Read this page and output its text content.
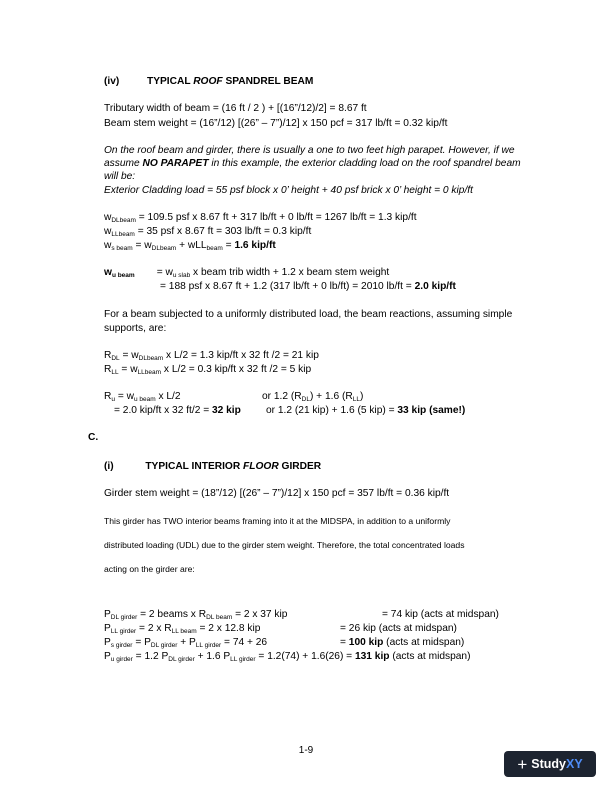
(iv)	TYPICAL ROOF SPANDREL BEAM
Tributary width of beam = (16 ft / 2 ) + [(16”/12)/2] = 8.67 ft
Beam stem weight = (16”/12) [(26” – 7”)/12] x 150 pcf = 317 lb/ft = 0.32 kip/ft
On the roof beam and girder, there is usually a one to two feet high parapet. However, if we
assume NO PARAPET in this example, the exterior cladding load on the roof spandrel beam
will be:
Exterior Cladding load = 55 psf block x 0’ height + 40 psf brick x 0’ height = 0 kip/ft
$w_{DLbeam} = 109.5$ psf x 8.67 ft + 317 lb/ft + 0 lb/ft = 1267 lb/ft = 1.3 kip/ft
$w_{LLbeam} = 35$ psf x 8.67 ft = 303 lb/ft = 0.3 kip/ft
$w_{s beam} = w_{DLbeam} + wLL_{beam} = 1.6$ kip/ft
$w_{u beam} = w_{u slab}$ x beam trib width + 1.2 x beam stem weight
= 188 psf x 8.67 ft + 1.2 (317 lb/ft + 0 lb/ft) = 2010 lb/ft = 2.0 kip/ft
For a beam subjected to a uniformly distributed load, the beam reactions, assuming simple
supports, are:
$R_{DL} = w_{DLbeam}$ x L/2 = 1.3 kip/ft x 32 ft /2 = 21 kip
$R_{LL} = w_{LLbeam}$ x L/2 = 0.3 kip/ft x 32 ft /2 = 5 kip
$R_u = w_{u beam}$ x L/2	or 1.2 $(R_{DL}) + 1.6$ $(R_{LL})$
= 2.0 kip/ft x 32 ft/2 = 32 kip or 1.2 (21 kip) + 1.6 (5 kip) = 33 kip (same!)
C.
(i)	TYPICAL INTERIOR FLOOR GIRDER
Girder stem weight = (18”/12) [(26” – 7”)/12] x 150 pcf = 357 lb/ft = 0.36 kip/ft
This girder has TWO interior beams framing into it at the MIDSPA, in addition to a uniformly
distributed loading (UDL) due to the girder stem weight. Therefore, the total concentrated loads
acting on the girder are:
$P_{DL girder} = 2$ beams x $R_{DL beam} = 2$ x 37 kip	= 74 kip (acts at midspan)
$P_{LL girder} = 2$ x $R_{LL beam} = 2$ x 12.8 kip	= 26 kip (acts at midspan)
$P_{s girder} = P_{DL girder} + P_{LL girder} = 74 + 26$	= 100 kip (acts at midspan)
$P_{u girder} = 1.2$ $P_{DL girder} + 1.6$ $P_{LL girder} = 1.2(74) + 1.6(26) = 131$ kip (acts at midspan)
1-9
+ StudyXY
